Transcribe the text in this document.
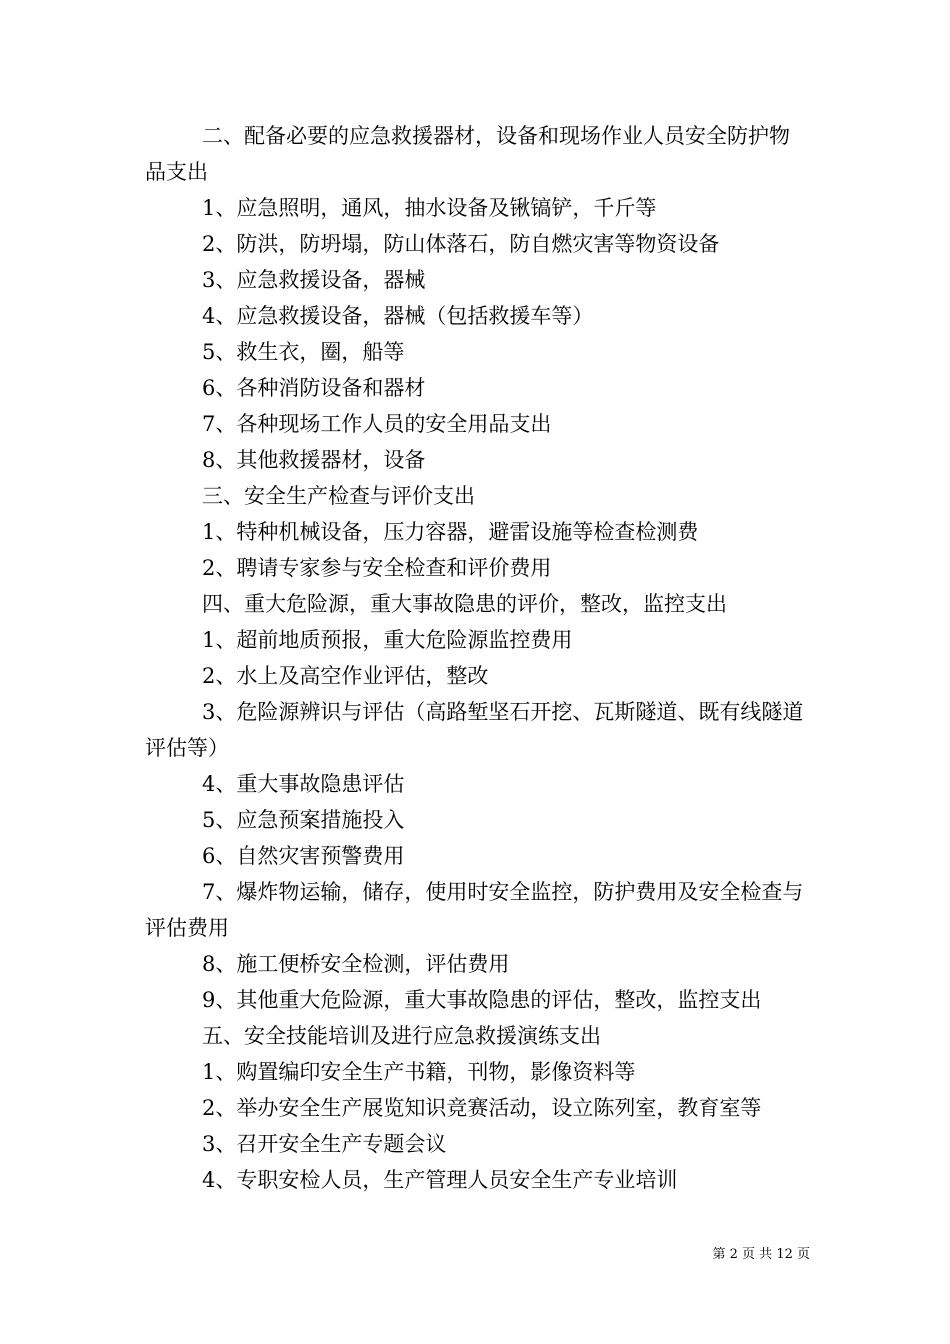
二、配备必要的应急救援器材，设备和现场作业人员安全防护物品支出

1、应急照明，通风，抽水设备及锹镐铲，千斤等

2、防洪，防坍塌，防山体落石，防自燃灾害等物资设备

3、应急救援设备，器械

4、应急救援设备，器械（包括救援车等）

5、救生衣，圈，船等

6、各种消防设备和器材

7、各种现场工作人员的安全用品支出

8、其他救援器材，设备

三、安全生产检查与评价支出

1、特种机械设备，压力容器，避雷设施等检查检测费

2、聘请专家参与安全检查和评价费用

四、重大危险源，重大事故隐患的评价，整改，监控支出

1、超前地质预报，重大危险源监控费用

2、水上及高空作业评估，整改

3、危险源辨识与评估（高路堑坚石开挖、瓦斯隧道、既有线隧道评估等）

4、重大事故隐患评估

5、应急预案措施投入

6、自然灾害预警费用

7、爆炸物运输，储存，使用时安全监控，防护费用及安全检查与评估费用

8、施工便桥安全检测，评估费用

9、其他重大危险源，重大事故隐患的评估，整改，监控支出

五、安全技能培训及进行应急救援演练支出

1、购置编印安全生产书籍，刊物，影像资料等

2、举办安全生产展览知识竞赛活动，设立陈列室，教育室等

3、召开安全生产专题会议

4、专职安检人员，生产管理人员安全生产专业培训

第 2 页 共 12 页
